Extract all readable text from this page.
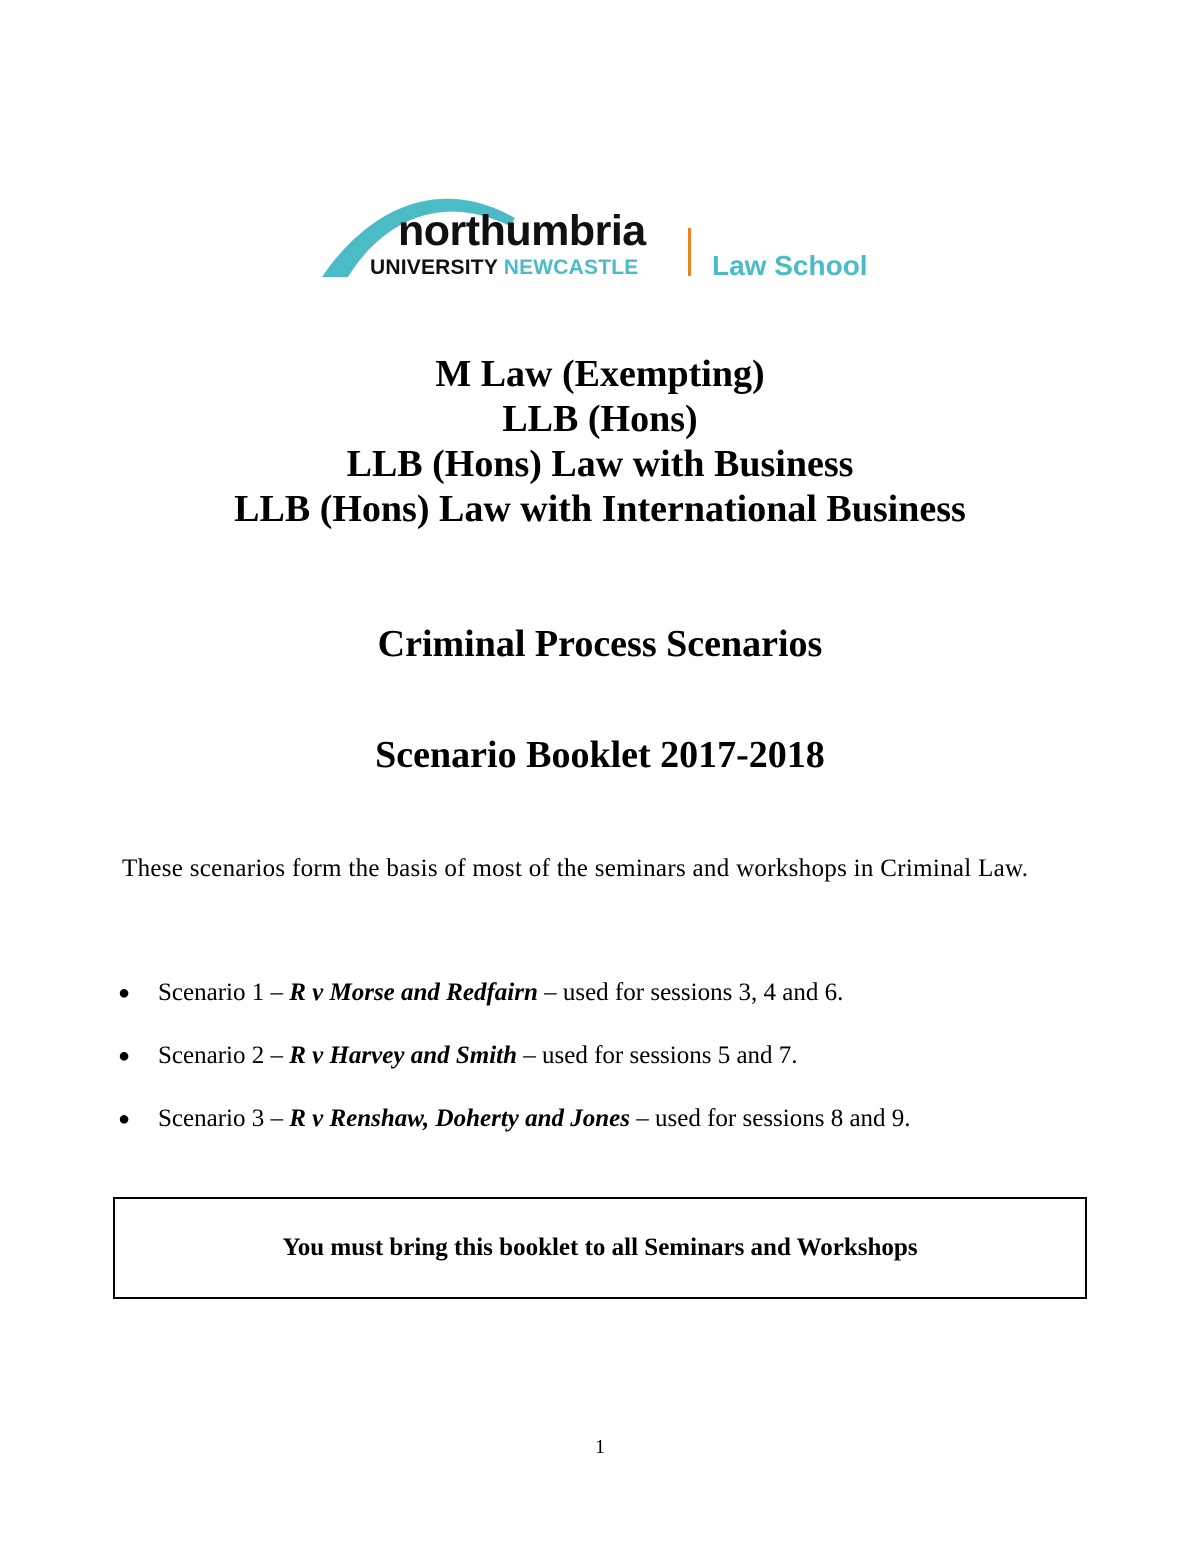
northumbria
UNIVERSITY NEWCASTLE	Law School
M Law (Exempting)
LLB (Hons)
LLB (Hons) Law with Business
LLB (Hons) Law with International Business
Criminal Process Scenarios
Scenario Booklet 2017-2018

These scenarios form the basis of most of the seminars and workshops in Criminal Law.

● Scenario 1 – R v Morse and Redfairn – used for sessions 3, 4 and 6.
● Scenario 2 – R v Harvey and Smith – used for sessions 5 and 7.
● Scenario 3 – R v Renshaw, Doherty and Jones – used for sessions 8 and 9.
You must bring this booklet to all Seminars and Workshops
1
